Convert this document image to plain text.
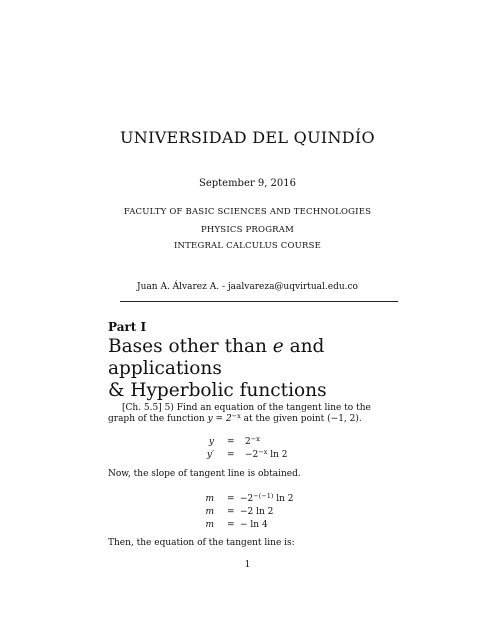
UNIVERSIDAD DEL QUINDÍO
September 9, 2016
FACULTY OF BASIC SCIENCES AND TECHNOLOGIES
PHYSICS PROGRAM
INTEGRAL CALCULUS COURSE
Juan A. Álvarez A. - jaalvareza@uqvirtual.edu.co
Part I
Bases other than e and applications
& Hyperbolic functions
[Ch. 5.5] 5) Find an equation of the tangent line to the graph of the function $y = 2^{-x}$ at the given point (−1, 2).
$y = 2^{-x}$
$y' = -2^{-x}$ ln 2
Now, the slope of tangent line is obtained.
$m = -2^{-(-1)}$ ln 2
m = −2 ln 2
m = − ln 4
Then, the equation of the tangent line is:
1
